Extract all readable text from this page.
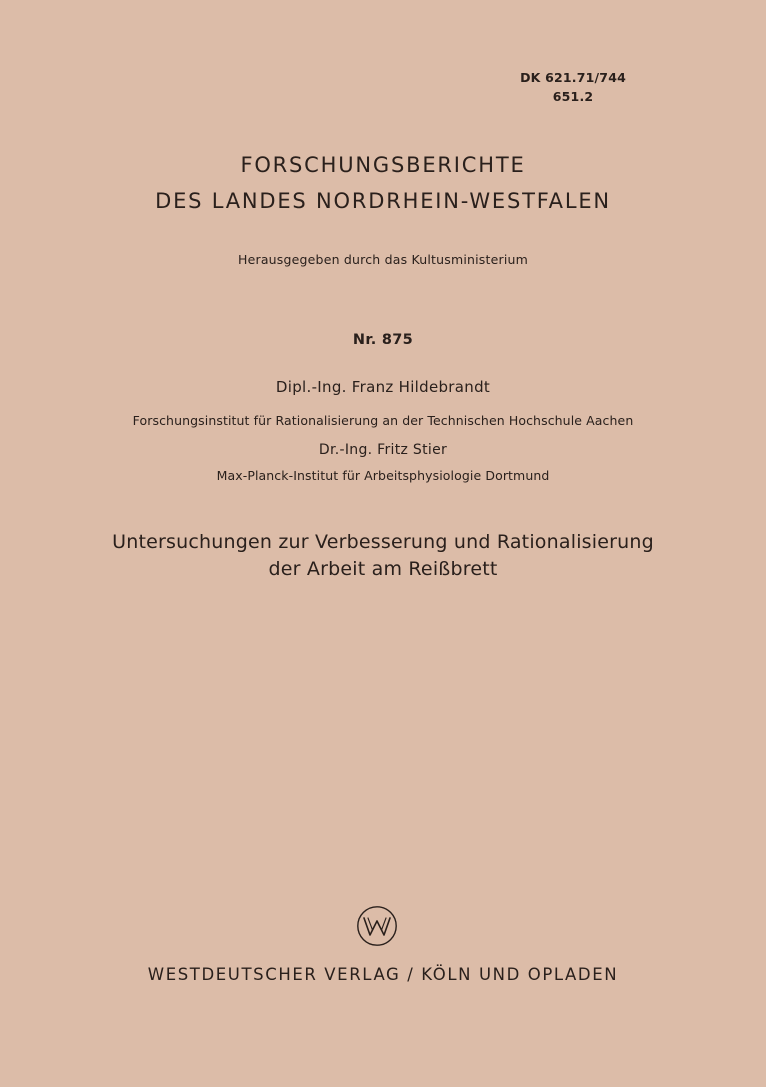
DK 621.71/744
651.2
FORSCHUNGSBERICHTE
DES LANDES NORDRHEIN-WESTFALEN
Herausgegeben durch das Kultusministerium
Nr. 875
Dipl.-Ing. Franz Hildebrandt
Forschungsinstitut für Rationalisierung an der Technischen Hochschule Aachen
Dr.-Ing. Fritz Stier
Max-Planck-Institut für Arbeitsphysiologie Dortmund
Untersuchungen zur Verbesserung und Rationalisierung
der Arbeit am Reißbrett
WESTDEUTSCHER VERLAG / KÖLN UND OPLADEN
